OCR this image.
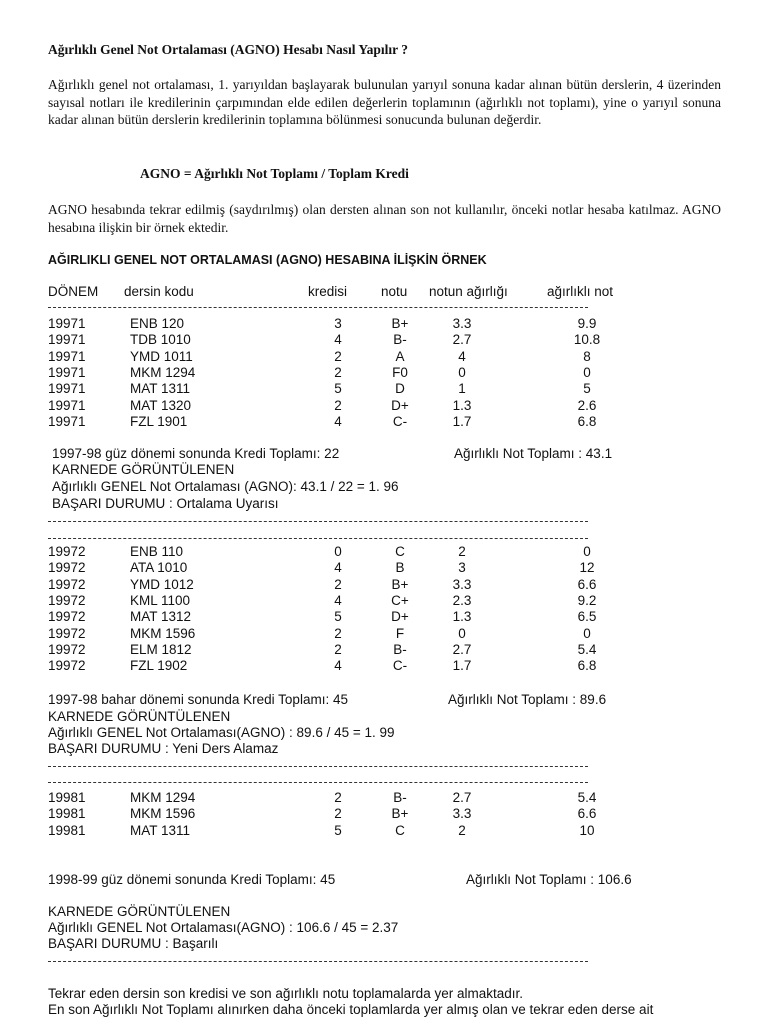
Ağırlıklı Genel Not Ortalaması (AGNO) Hesabı Nasıl Yapılır ?
Ağırlıklı genel not ortalaması, 1. yarıyıldan başlayarak bulunulan yarıyıl sonuna kadar alınan bütün derslerin, 4 üzerinden sayısal notları ile kredilerinin çarpımından elde edilen değerlerin toplamının (ağırlıklı not toplamı), yine o yarıyıl sonuna kadar alınan bütün derslerin kredilerinin toplamına bölünmesi sonucunda bulunan değerdir.
AGNO = Ağırlıklı Not Toplamı / Toplam Kredi
AGNO hesabında tekrar edilmiş (saydırılmış) olan dersten alınan son not kullanılır, önceki notlar hesaba katılmaz. AGNO hesabına ilişkin bir örnek ektedir.
AĞIRLIKLI GENEL NOT ORTALAMASI (AGNO) HESABINA İLİŞKİN ÖRNEK
DÖNEM dersin kodu	kredisi	notu notun ağırlığı	ağırlıklı not
19971	ENB 120	3	B+	3.3	9.9
19971	TDB 1010	4	B-	2.7	10.8
19971	YMD 1011	2	A	4	8
19971	MKM 1294	2	F0	0	0
19971	MAT 1311	5	D	1	5
19971	MAT 1320	2	D+	1.3	2.6
19971	FZL 1901	4	C-	1.7	6.8
19972	ENB 110	0	C	2	0
19972	ATA 1010	4	B	3	12
19972	YMD 1012	2	B+	3.3	6.6
19972	KML 1100	4	C+	2.3	9.2
19972	MAT 1312	5	D+	1.3	6.5
19972	MKM 1596	2	F	0	0
19972	ELM 1812	2	B-	2.7	5.4
19972	FZL 1902	4	C-	1.7	6.8
19981	MKM 1294	2	B-	2.7	5.4
19981	MKM 1596	2	B+	3.3	6.6
19981	MAT 1311	5	C	2	10
1997-98 güz dönemi sonunda Kredi Toplamı: 22	Ağırlıklı Not Toplamı : 43.1
KARNEDE GÖRÜNTÜLENEN
Ağırlıklı GENEL Not Ortalaması (AGNO): 43.1 / 22 = 1. 96
BAŞARI DURUMU : Ortalama Uyarısı
1997-98 bahar dönemi sonunda Kredi Toplamı: 45	Ağırlıklı Not Toplamı : 89.6
KARNEDE GÖRÜNTÜLENEN
Ağırlıklı GENEL Not Ortalaması(AGNO) : 89.6 / 45 = 1. 99
BAŞARI DURUMU : Yeni Ders Alamaz
1998-99 güz dönemi sonunda Kredi Toplamı: 45	Ağırlıklı Not Toplamı : 106.6
KARNEDE GÖRÜNTÜLENEN
Ağırlıklı GENEL Not Ortalaması(AGNO) : 106.6 / 45 = 2.37
BAŞARI DURUMU : Başarılı
Tekrar eden dersin son kredisi ve son ağırlıklı notu toplamalarda yer almaktadır.
En son Ağırlıklı Not Toplamı alınırken daha önceki toplamlarda yer almış olan ve tekrar eden derse ait
